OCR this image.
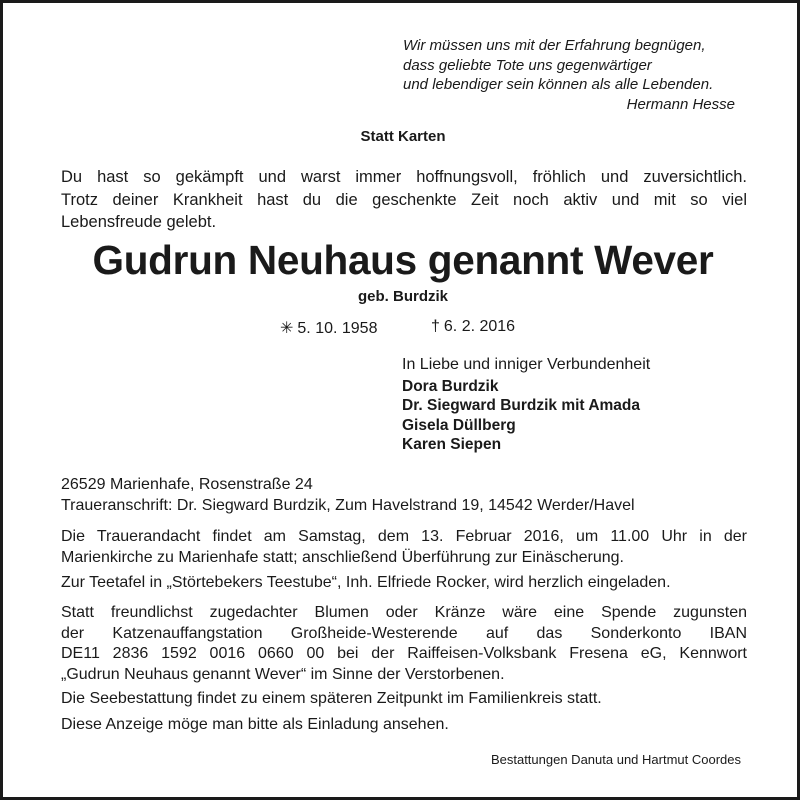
Wir müssen uns mit der Erfahrung begnügen,
dass geliebte Tote uns gegenwärtiger
und lebendiger sein können als alle Lebenden.
Hermann Hesse
Statt Karten
Du hast so gekämpft und warst immer hoffnungsvoll, fröhlich und zuversichtlich.
Trotz deiner Krankheit hast du die geschenkte Zeit noch aktiv und mit so viel
Lebensfreude gelebt.
Gudrun Neuhaus genannt Wever
geb. Burdzik
✳ 5. 10. 1958	† 6. 2. 2016
In Liebe und inniger Verbundenheit
Dora Burdzik
Dr. Siegward Burdzik mit Amada
Gisela Düllberg
Karen Siepen
26529 Marienhafe, Rosenstraße 24
Traueranschrift: Dr. Siegward Burdzik, Zum Havelstrand 19, 14542 Werder/Havel
Die Trauerandacht findet am Samstag, dem 13. Februar 2016, um 11.00 Uhr in der
Marienkirche zu Marienhafe statt; anschließend Überführung zur Einäscherung.
Zur Teetafel in „Störtebekers Teestube“, Inh. Elfriede Rocker, wird herzlich eingeladen.
Statt freundlichst zugedachter Blumen oder Kränze wäre eine Spende zugunsten
der Katzenauffangstation Großheide-Westerende auf das Sonderkonto IBAN
DE11 2836 1592 0016 0660 00 bei der Raiffeisen-Volksbank Fresena eG, Kennwort
„Gudrun Neuhaus genannt Wever“ im Sinne der Verstorbenen.
Die Seebestattung findet zu einem späteren Zeitpunkt im Familienkreis statt.
Diese Anzeige möge man bitte als Einladung ansehen.
Bestattungen Danuta und Hartmut Coordes
